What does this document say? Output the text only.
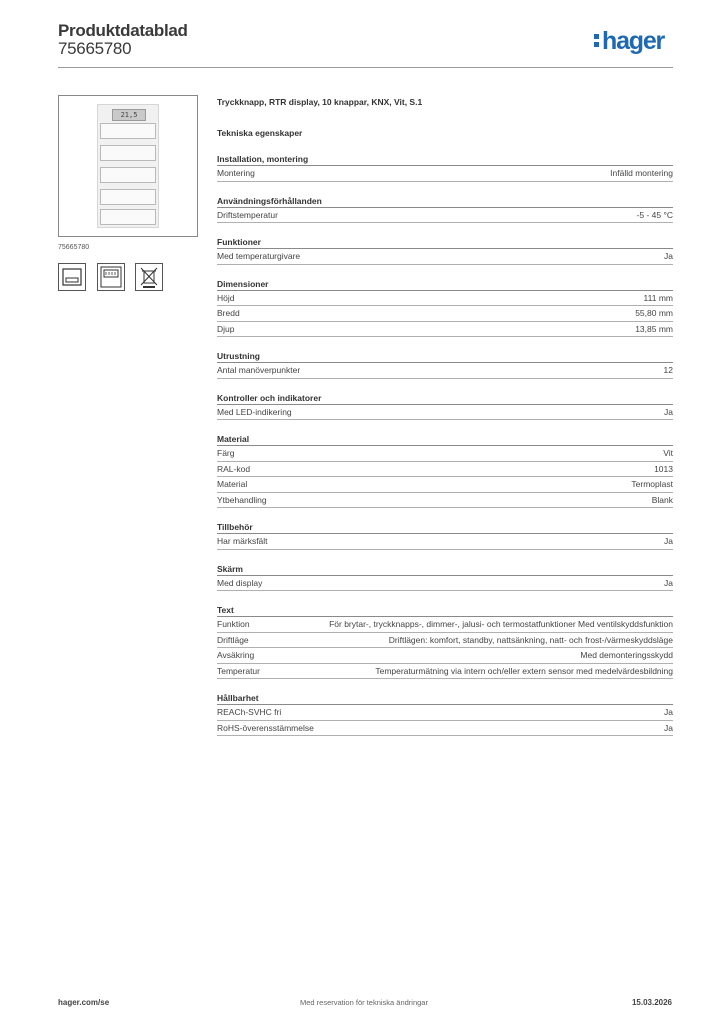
Produktdatablad
75665780	hager
21,5
75665780
Tryckknapp, RTR display, 10 knappar, KNX, Vit, S.1
Tekniska egenskaper
Installation, montering
Montering	Infälld montering
Användningsförhållanden
Driftstemperatur	-5 - 45 °C
Funktioner
Med temperaturgivare	Ja
Dimensioner
Höjd	111 mm
Bredd	55,80 mm
Djup	13,85 mm
Utrustning
Antal manöverpunkter	12
Kontroller och indikatorer
Med LED-indikering	Ja
Material
Färg	Vit
RAL-kod	1013
Material	Termoplast
Ytbehandling	Blank
Tillbehör
Har märksfält	Ja
Skärm
Med display	Ja
Text
Funktion	För brytar-, tryckknapps-, dimmer-, jalusi- och termostatfunktioner Med ventilskyddsfunktion
Driftläge	Driftlägen: komfort, standby, nattsänkning, natt- och frost-/värmeskyddsläge
Avsäkring	Med demonteringsskydd
Temperatur	Temperaturmätning via intern och/eller extern sensor med medelvärdesbildning
Hållbarhet
REACh-SVHC fri	Ja
RoHS-överensstämmelse	Ja
hager.com/se	Med reservation för tekniska ändringar	15.03.2026
